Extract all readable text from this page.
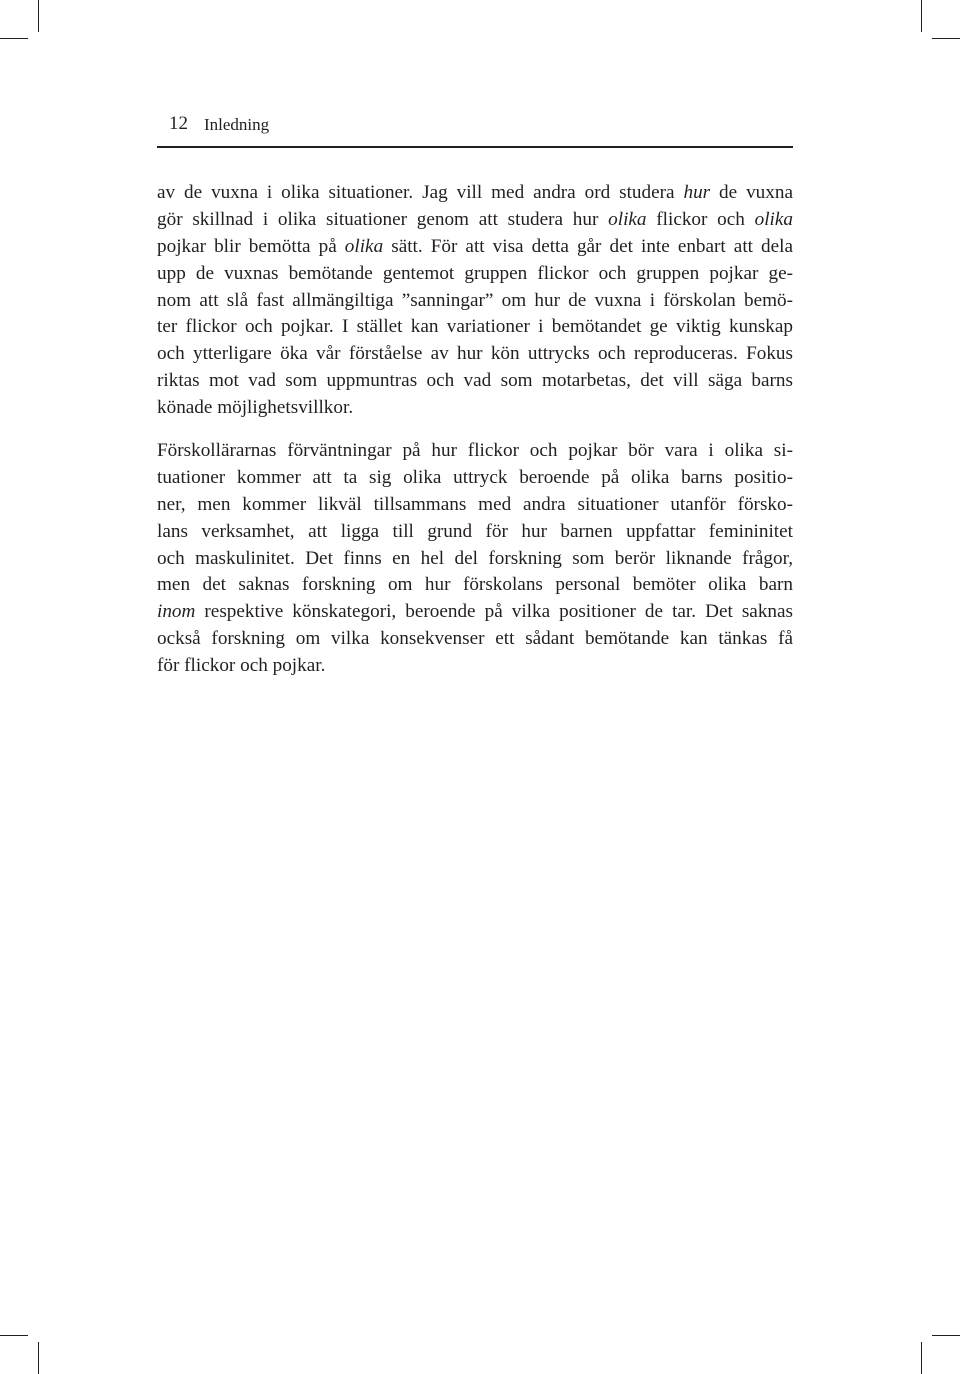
12 Inledning

av de vuxna i olika situationer. Jag vill med andra ord studera hur de vuxna
gör skillnad i olika situationer genom att studera hur olika flickor och olika
pojkar blir bemötta på olika sätt. För att visa detta går det inte enbart att dela
upp de vuxnas bemötande gentemot gruppen flickor och gruppen pojkar ge-
nom att slå fast allmängiltiga ”sanningar” om hur de vuxna i förskolan bemö-
ter flickor och pojkar. I stället kan variationer i bemötandet ge viktig kunskap
och ytterligare öka vår förståelse av hur kön uttrycks och reproduceras. Fokus
riktas mot vad som uppmuntras och vad som motarbetas, det vill säga barns
könade möjlighetsvillkor.

Förskollärarnas förväntningar på hur flickor och pojkar bör vara i olika si-
tuationer kommer att ta sig olika uttryck beroende på olika barns positio-
ner, men kommer likväl tillsammans med andra situationer utanför försko-
lans verksamhet, att ligga till grund för hur barnen uppfattar femininitet
och maskulinitet. Det finns en hel del forskning som berör liknande frågor,
men det saknas forskning om hur förskolans personal bemöter olika barn
inom respektive könskategori, beroende på vilka positioner de tar. Det saknas
också forskning om vilka konsekvenser ett sådant bemötande kan tänkas få
för flickor och pojkar.
